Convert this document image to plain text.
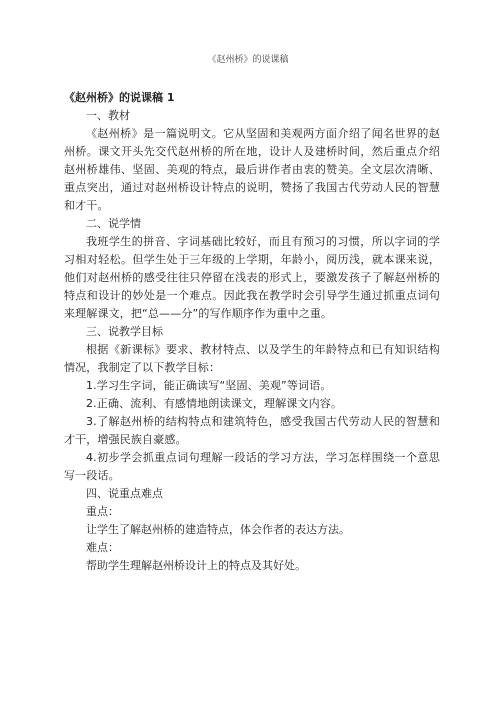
《赵州桥》的说课稿

《赵州桥》的说课稿 1

一、教材

《赵州桥》是一篇说明文。它从坚固和美观两方面介绍了闻名世界的赵州桥。课文开头先交代赵州桥的所在地，设计人及建桥时间，然后重点介绍赵州桥雄伟、坚固、美观的特点，最后讲作者由衷的赞美。全文层次清晰、重点突出，通过对赵州桥设计特点的说明，赞扬了我国古代劳动人民的智慧和才干。

二、说学情

我班学生的拼音、字词基础比较好，而且有预习的习惯，所以字词的学习相对轻松。但学生处于三年级的上学期，年龄小，阅历浅，就本课来说，他们对赵州桥的感受往往只停留在浅表的形式上，要激发孩子了解赵州桥的特点和设计的妙处是一个难点。因此我在教学时会引导学生通过抓重点词句来理解课文，把“总——分”的写作顺序作为重中之重。

三、说教学目标

根据《新课标》要求、教材特点、以及学生的年龄特点和已有知识结构情况，我制定了以下教学目标：

1.学习生字词，能正确读写“坚固、美观”等词语。

2.正确、流利、有感情地朗读课文，理解课文内容。

3.了解赵州桥的结构特点和建筑特色，感受我国古代劳动人民的智慧和才干，增强民族自豪感。

4.初步学会抓重点词句理解一段话的学习方法，学习怎样围绕一个意思写一段话。

四、说重点难点

重点：

让学生了解赵州桥的建造特点，体会作者的表达方法。

难点：

帮助学生理解赵州桥设计上的特点及其好处。
